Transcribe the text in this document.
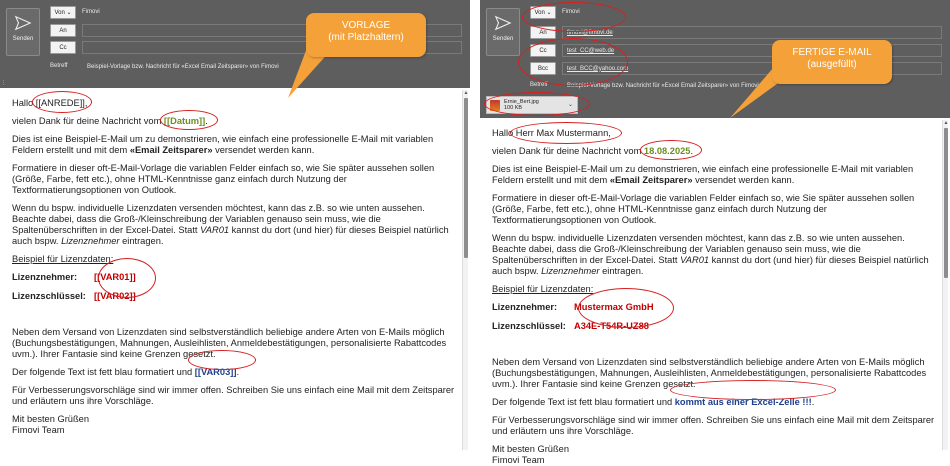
Senden
Von ⌄	Fimovi
An
Cc
Betreff	Beispiel-Vorlage bzw. Nachricht für «Excel Email Zeitsparer» von Fimovi
VORLAGE
(mit Platzhaltern)

Hallo [[ANREDE]],

vielen Dank für deine Nachricht vom [[Datum]].

Dies ist eine Beispiel-E-Mail um zu demonstrieren, wie einfach eine professionelle E-Mail mit variablen Feldern erstellt und mit dem «Email Zeitsparer» versendet werden kann.

Formatiere in dieser oft-E-Mail-Vorlage die variablen Felder einfach so, wie Sie später aussehen sollen (Größe, Farbe, fett etc.), ohne HTML-Kenntnisse ganz einfach durch Nutzung der Textformatierungsoptionen von Outlook.

Wenn du bspw. individuelle Lizenzdaten versenden möchtest, kann das z.B. so wie unten aussehen. Beachte dabei, dass die Groß-/Kleinschreibung der Variablen genauso sein muss, wie die Spaltenüberschriften in der Excel-Datei. Statt VAR01 kannst du dort (und hier) für dieses Beispiel natürlich auch bspw. Lizenznehmer eintragen.

Beispiel für Lizenzdaten:

Lizenznehmer:	[[VAR01]]
Lizenzschlüssel: [[VAR02]]

Neben dem Versand von Lizenzdaten sind selbstverständlich beliebige andere Arten von E-Mails möglich (Buchungsbestätigungen, Mahnungen, Ausleihlisten, Anmeldebestätigungen, personalisierte Rabattcodes uvm.). Ihrer Fantasie sind keine Grenzen gesetzt.

Der folgende Text ist fett blau formatiert und [[VAR03]].

Für Verbesserungsvorschläge sind wir immer offen. Schreiben Sie uns einfach eine Mail mit dem Zeitsparer und erläutern uns ihre Vorschläge.

Mit besten Grüßen
Fimovi Team
▲
Senden
Von ⌄	Fimovi
An	fimovi@fimovi.de
Cc	test_CC@web.de
Bcc	test_BCC@yahoo.com
Betreff	Beispiel-Vorlage bzw. Nachricht für «Excel Email Zeitsparer» von Fimovi
Ernie_Bert.jpg
100 KB	⌄
FERTIGE E-MAIL
(ausgefüllt)

Hallo Herr Max Mustermann,

vielen Dank für deine Nachricht vom 18.08.2025.

Dies ist eine Beispiel-E-Mail um zu demonstrieren, wie einfach eine professionelle E-Mail mit variablen Feldern erstellt und mit dem «Email Zeitsparer» versendet werden kann.

Formatiere in dieser oft-E-Mail-Vorlage die variablen Felder einfach so, wie Sie später aussehen sollen (Größe, Farbe, fett etc.), ohne HTML-Kenntnisse ganz einfach durch Nutzung der Textformatierungsoptionen von Outlook.

Wenn du bspw. individuelle Lizenzdaten versenden möchtest, kann das z.B. so wie unten aussehen. Beachte dabei, dass die Groß-/Kleinschreibung der Variablen genauso sein muss, wie die Spaltenüberschriften in der Excel-Datei. Statt VAR01 kannst du dort (und hier) für dieses Beispiel natürlich auch bspw. Lizenznehmer eintragen.

Beispiel für Lizenzdaten:

Lizenznehmer:	Mustermax GmbH
Lizenzschlüssel: A34E-T54R-UZ88

Neben dem Versand von Lizenzdaten sind selbstverständlich beliebige andere Arten von E-Mails möglich (Buchungsbestätigungen, Mahnungen, Ausleihlisten, Anmeldebestätigungen, personalisierte Rabattcodes uvm.). Ihrer Fantasie sind keine Grenzen gesetzt.

Der folgende Text ist fett blau formatiert und kommt aus einer Excel-Zelle !!!.

Für Verbesserungsvorschläge sind wir immer offen. Schreiben Sie uns einfach eine Mail mit dem Zeitsparer und erläutern uns ihre Vorschläge.

Mit besten Grüßen
Fimovi Team
▲
